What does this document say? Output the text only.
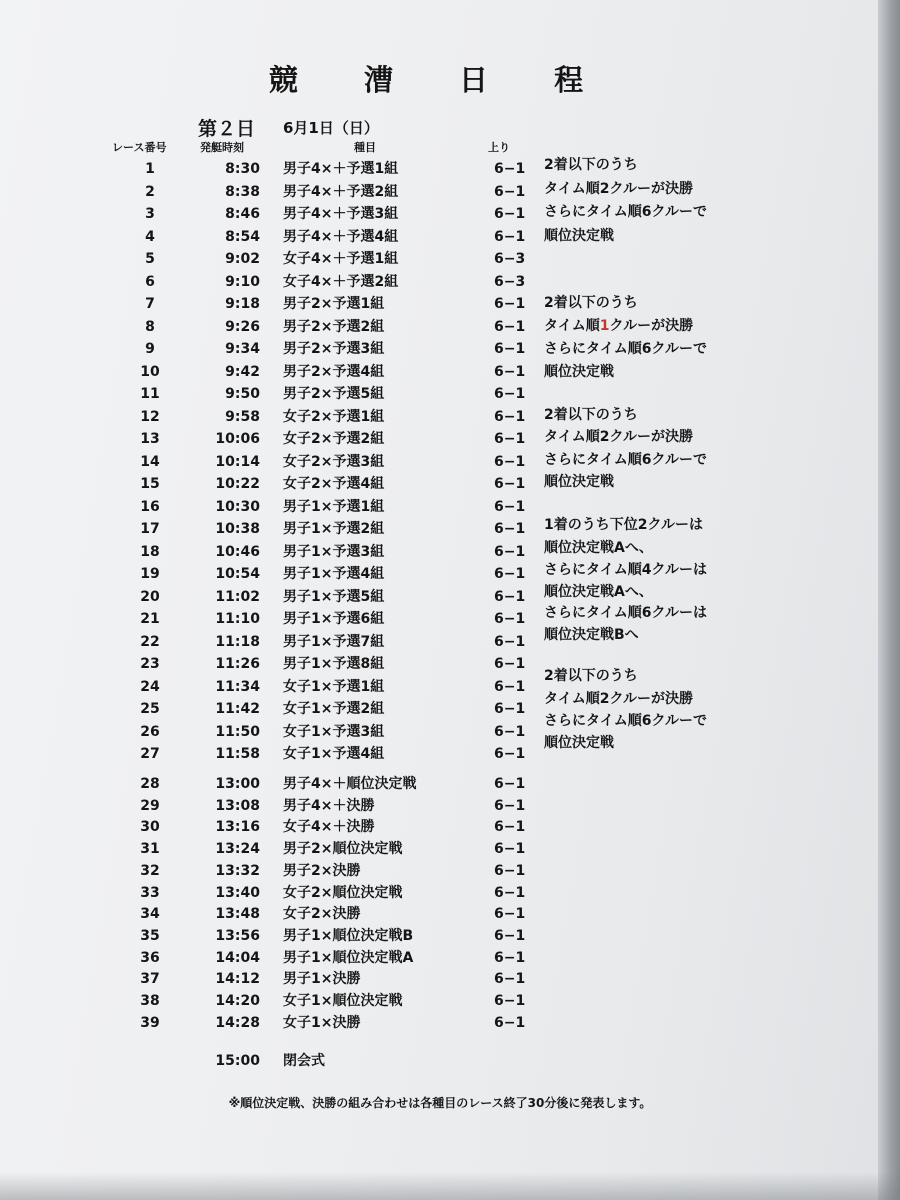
競 漕 日 程
第２日 6月1日（日）
レース番号	発艇時刻	種目	上り
1	8:30 男子4×＋予選1組	6−1
2	8:38 男子4×＋予選2組	6−1
3	8:46 男子4×＋予選3組	6−1
4	8:54 男子4×＋予選4組	6−1
5	9:02 女子4×＋予選1組	6−3
6	9:10 女子4×＋予選2組	6−3
7	9:18 男子2×予選1組	6−1
8	9:26 男子2×予選2組	6−1
9	9:34 男子2×予選3組	6−1
10	9:42 男子2×予選4組	6−1
11	9:50 男子2×予選5組	6−1
12	9:58 女子2×予選1組	6−1
13	10:06 女子2×予選2組	6−1
14	10:14 女子2×予選3組	6−1
15	10:22 女子2×予選4組	6−1
16	10:30 男子1×予選1組	6−1
17	10:38 男子1×予選2組	6−1
18	10:46 男子1×予選3組	6−1
19	10:54 男子1×予選4組	6−1
20	11:02 男子1×予選5組	6−1
21	11:10 男子1×予選6組	6−1
22	11:18 男子1×予選7組	6−1
23	11:26 男子1×予選8組	6−1
24	11:34 女子1×予選1組	6−1
25	11:42 女子1×予選2組	6−1
26	11:50 女子1×予選3組	6−1
27	11:58 女子1×予選4組	6−1
28	13:00 男子4×＋順位決定戦	6−1
29	13:08 男子4×＋決勝	6−1
30	13:16 女子4×＋決勝	6−1
31	13:24 男子2×順位決定戦	6−1
32	13:32 男子2×決勝	6−1
33	13:40 女子2×順位決定戦	6−1
34	13:48 女子2×決勝	6−1
35	13:56 男子1×順位決定戦B	6−1
36	14:04 男子1×順位決定戦A	6−1
37	14:12 男子1×決勝	6−1
38	14:20 女子1×順位決定戦	6−1
39	14:28 女子1×決勝	6−1
2着以下のうち
タイム順2クルーが決勝
さらにタイム順6クルーで
順位決定戦
2着以下のうち
タイム順1クルーが決勝
さらにタイム順6クルーで
順位決定戦
2着以下のうち
タイム順2クルーが決勝
さらにタイム順6クルーで
順位決定戦
1着のうち下位2クルーは
順位決定戦Aへ、
さらにタイム順4クルーは
順位決定戦Aへ、
さらにタイム順6クルーは
順位決定戦Bへ
2着以下のうち
タイム順2クルーが決勝
さらにタイム順6クルーで
順位決定戦
15:00 閉会式
※順位決定戦、決勝の組み合わせは各種目のレース終了30分後に発表します。
